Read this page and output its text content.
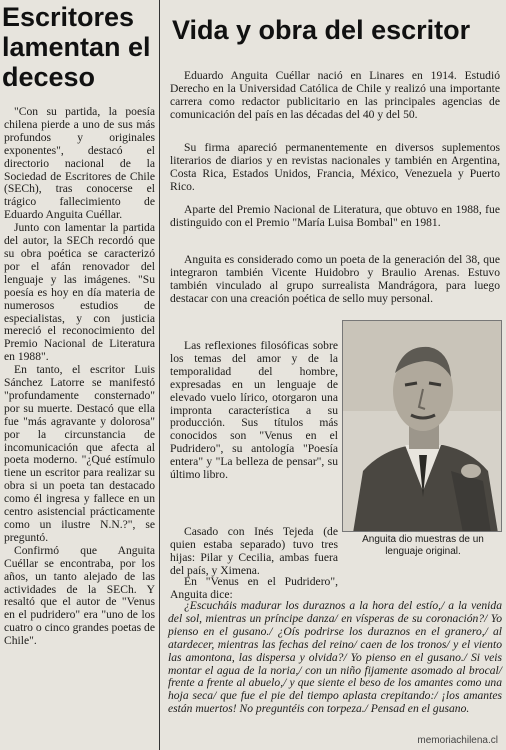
Escritores lamentan el deceso

"Con su partida, la poesía chilena pierde a uno de sus más profundos y originales exponentes", destacó el directorio nacional de la Sociedad de Escritores de Chile (SECh), tras conocerse el trágico fallecimiento de Eduardo Anguita Cuéllar.

Junto con lamentar la partida del autor, la SECh recordó que su obra poética se caracterizó por el afán renovador del lenguaje y las imágenes. "Su poesía es hoy en día materia de numerosos estudios de especialistas, y con justicia mereció el reconocimiento del Premio Nacional de Literatura en 1988".

En tanto, el escritor Luis Sánchez Latorre se manifestó "profundamente consternado" por su muerte. Destacó que ella fue "más agravante y dolorosa" por la circunstancia de incomunicación que afecta al poeta moderno. "¿Qué estímulo tiene un escritor para realizar su obra si un poeta tan destacado como él ingresa y fallece en un centro asistencial prácticamente como un ilustre N.N.?", se preguntó.

Confirmó que Anguita Cuéllar se encontraba, por los años, un tanto alejado de las actividades de la SECh. Y resaltó que el autor de "Venus en el pudridero" era "uno de los cuatro o cinco grandes poetas de Chile".

Vida y obra del escritor

Eduardo Anguita Cuéllar nació en Linares en 1914. Estudió Derecho en la Universidad Católica de Chile y realizó una importante carrera como redactor publicitario en las principales agencias de comunicación del país en las décadas del 40 y del 50.

Su firma apareció permanentemente en diversos suplementos literarios de diarios y en revistas nacionales y también en Argentina, Costa Rica, Estados Unidos, Francia, México, Venezuela y Puerto Rico.

Aparte del Premio Nacional de Literatura, que obtuvo en 1988, fue distinguido con el Premio "María Luisa Bombal" en 1981.

Anguita es considerado como un poeta de la generación del 38, que integraron también Vicente Huidobro y Braulio Arenas. Estuvo también vinculado al grupo surrealista Mandrágora, para luego destacar con una creación poética de sello muy personal.

Las reflexiones filosóficas sobre los temas del amor y de la temporalidad del hombre, expresadas en un lenguaje de elevado vuelo lírico, otorgaron una impronta característica a su producción. Sus títulos más conocidos son "Venus en el Pudridero", su antología "Poesía entera" y "La belleza de pensar", su último libro.

Casado con Inés Tejeda (de quien estaba separado) tuvo tres hijas: Pilar y Cecilia, ambas fuera del país, y Ximena.

En "Venus en el Pudridero", Anguita dice:

Anguita dio muestras de un lenguaje original.

¿Escucháis madurar los duraznos a la hora del estío,/ a la venida del sol, mientras un príncipe danza/ en vísperas de su coronación?/ Yo pienso en el gusano./ ¿Oís podrirse los duraznos en el granero,/ al atardecer, mientras las fechas del reino/ caen de los tronos/ y el viento las amontona, las dispersa y olvida?/ Yo pienso en el gusano./ Si veis montar el agua de la noria,/ con un niño fijamente asomado al brocal/ frente a frente al abuelo,/ y que siente el beso de los amantes como una hoja seca/ que fue el pie del tiempo aplasta crepitando:/ ¡los amantes están muertos! No preguntéis con torpeza./ Pensad en el gusano.

memoriachilena.cl
